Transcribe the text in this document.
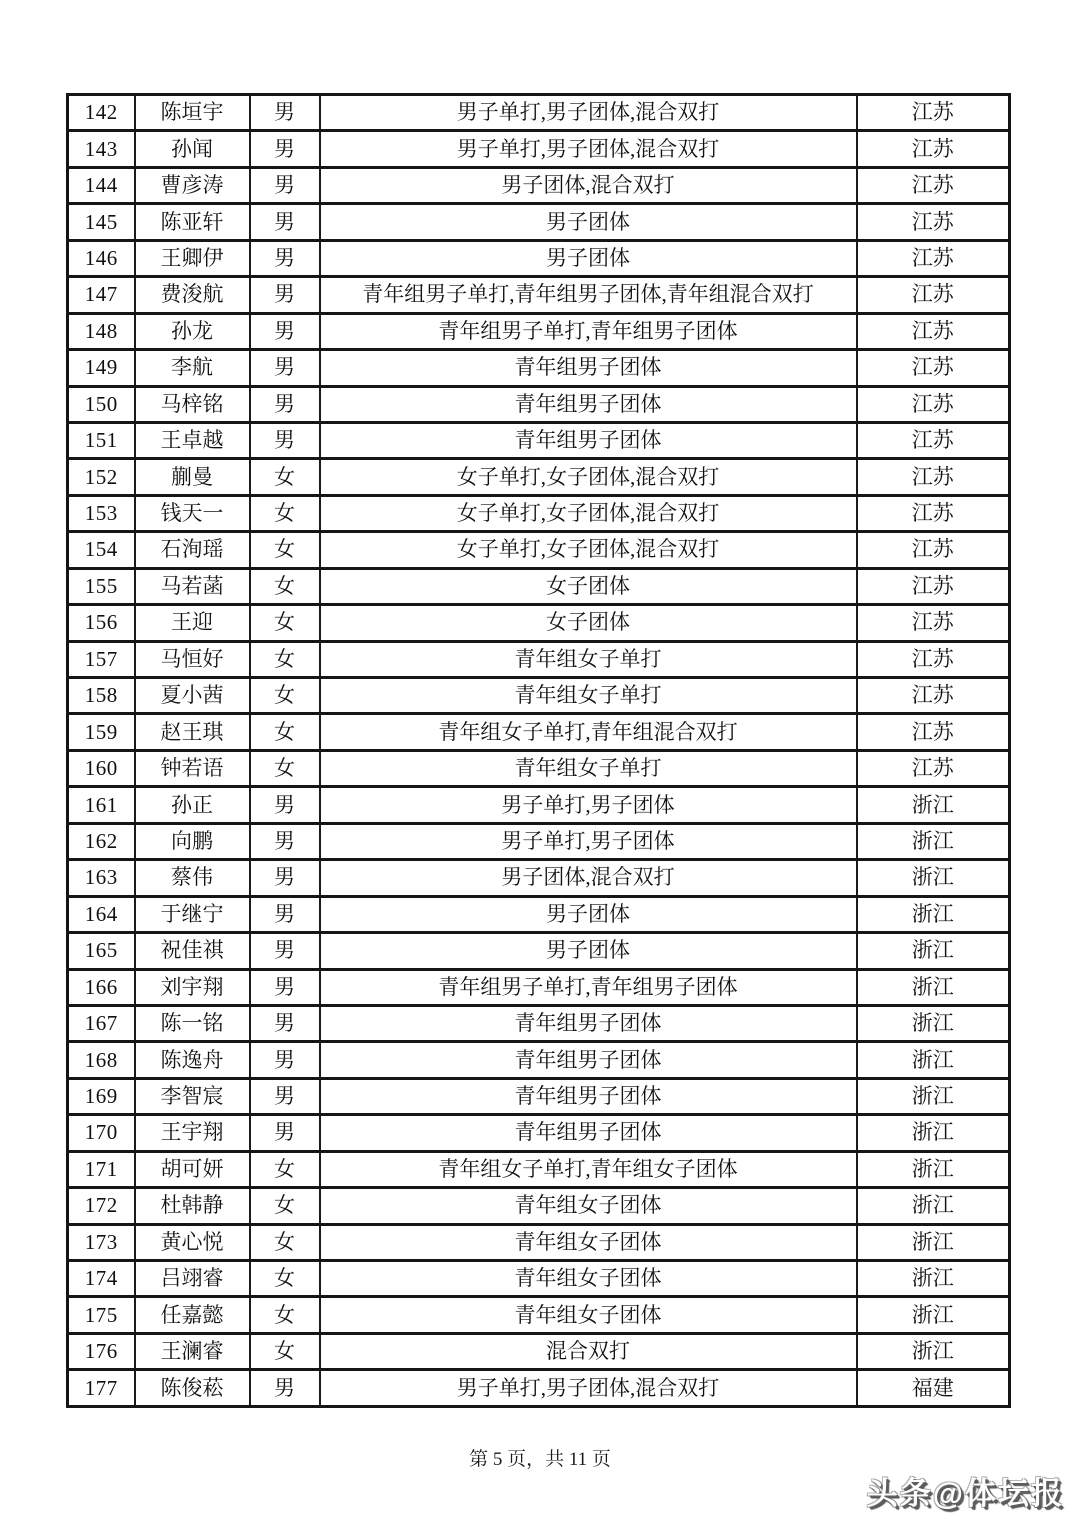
142	陈垣宇	男	男子单打,男子团体,混合双打	江苏
143	孙闻	男	男子单打,男子团体,混合双打	江苏
144	曹彦涛	男	男子团体,混合双打	江苏
145	陈亚轩	男	男子团体	江苏
146	王卿伊	男	男子团体	江苏
147	费浚航	男	青年组男子单打,青年组男子团体,青年组混合双打	江苏
148	孙龙	男	青年组男子单打,青年组男子团体	江苏
149	李航	男	青年组男子团体	江苏
150	马梓铭	男	青年组男子团体	江苏
151	王卓越	男	青年组男子团体	江苏
152	蒯曼	女	女子单打,女子团体,混合双打	江苏
153	钱天一	女	女子单打,女子团体,混合双打	江苏
154	石洵瑶	女	女子单打,女子团体,混合双打	江苏
155	马若菡	女	女子团体	江苏
156	王迎	女	女子团体	江苏
157	马恒好	女	青年组女子单打	江苏
158	夏小茜	女	青年组女子单打	江苏
159	赵王琪	女	青年组女子单打,青年组混合双打	江苏
160	钟若语	女	青年组女子单打	江苏
161	孙正	男	男子单打,男子团体	浙江
162	向鹏	男	男子单打,男子团体	浙江
163	蔡伟	男	男子团体,混合双打	浙江
164	于继宁	男	男子团体	浙江
165	祝佳祺	男	男子团体	浙江
166	刘宇翔	男	青年组男子单打,青年组男子团体	浙江
167	陈一铭	男	青年组男子团体	浙江
168	陈逸舟	男	青年组男子团体	浙江
169	李智宸	男	青年组男子团体	浙江
170	王宇翔	男	青年组男子团体	浙江
171	胡可妍	女	青年组女子单打,青年组女子团体	浙江
172	杜韩静	女	青年组女子团体	浙江
173	黄心悦	女	青年组女子团体	浙江
174	吕翊睿	女	青年组女子团体	浙江
175	任嘉懿	女	青年组女子团体	浙江
176	王澜睿	女	混合双打	浙江
177	陈俊菘	男	男子单打,男子团体,混合双打	福建
第 5 页，共 11 页
头条@体坛报
